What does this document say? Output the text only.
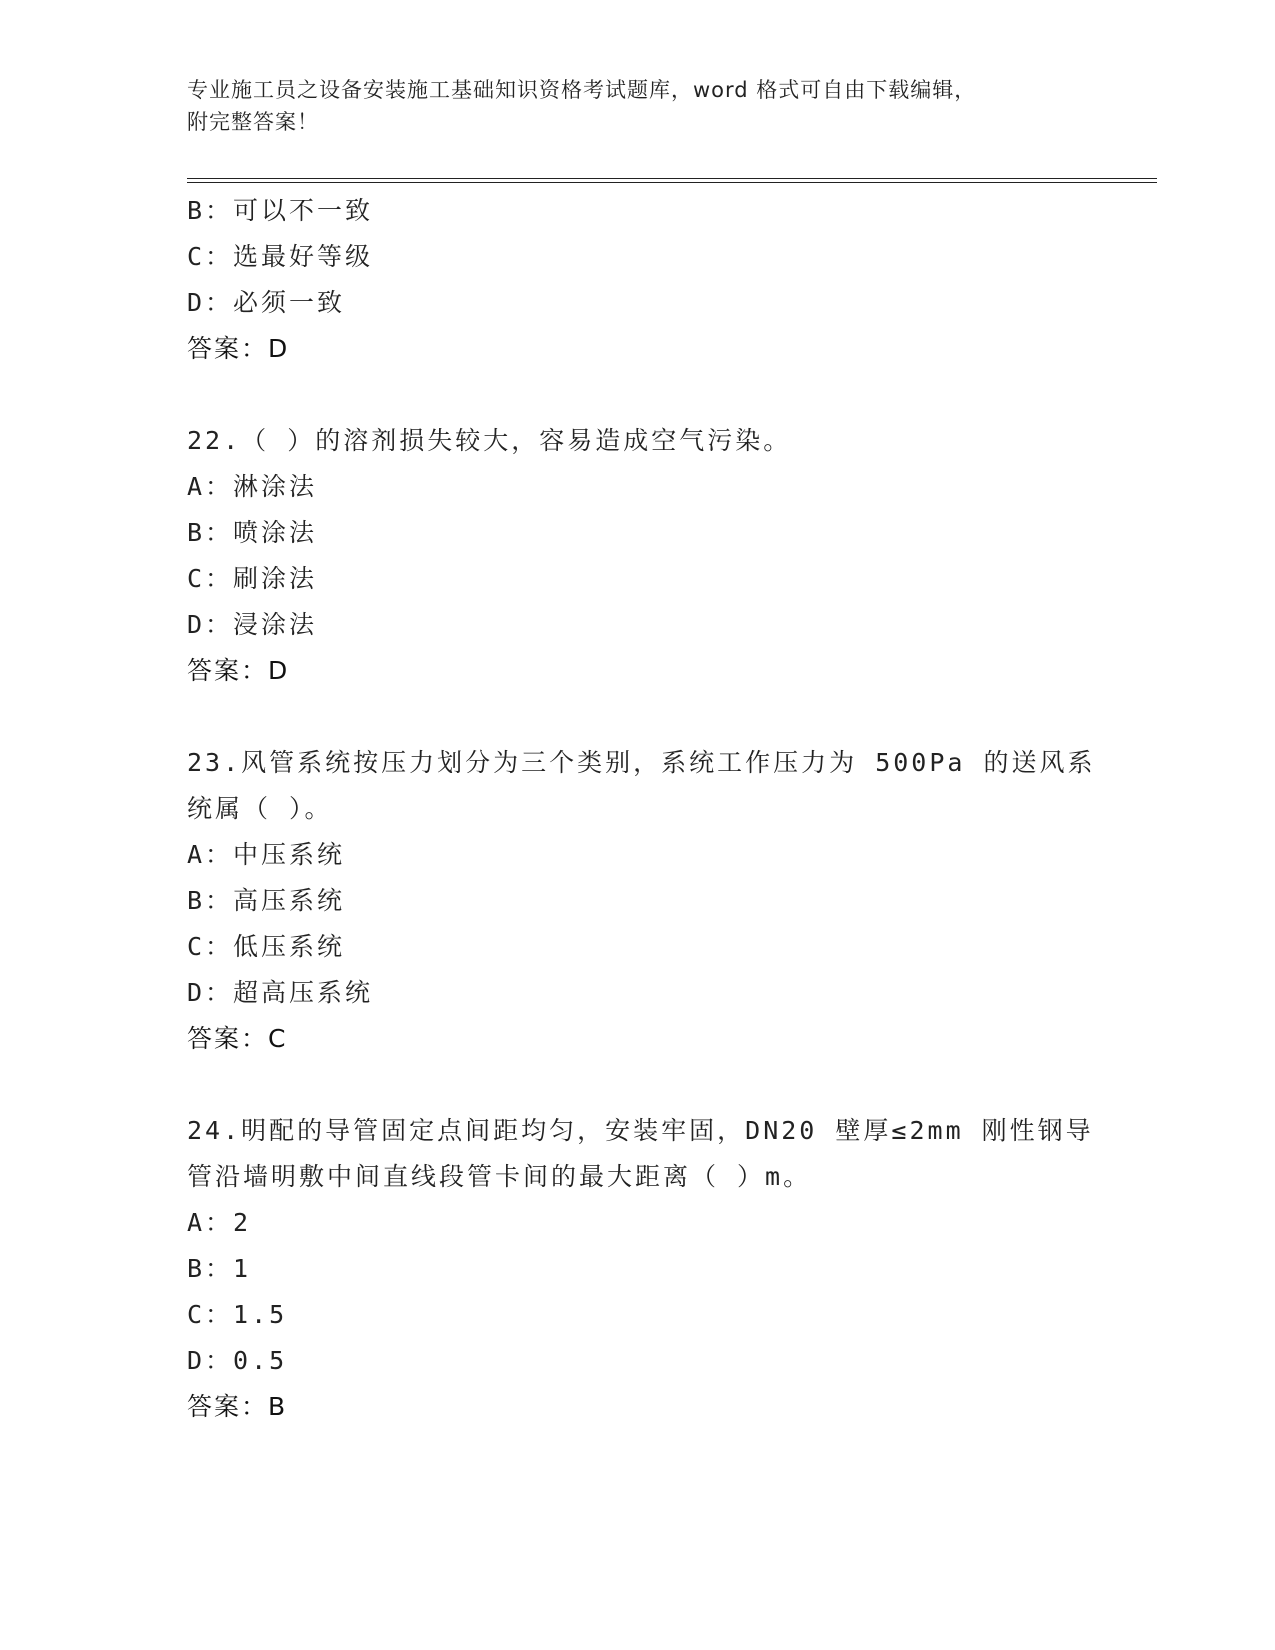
专业施工员之设备安装施工基础知识资格考试题库，word 格式可自由下载编辑，
附完整答案！
B：可以不一致
C：选最好等级
D：必须一致
答案：D
22.（ ）的溶剂损失较大，容易造成空气污染。
A：淋涂法
B：喷涂法
C：刷涂法
D：浸涂法
答案：D
23.风管系统按压力划分为三个类别，系统工作压力为 500Pa 的送风系
统属（ ）。
A：中压系统
B：高压系统
C：低压系统
D：超高压系统
答案：C
24.明配的导管固定点间距均匀，安装牢固，DN20 壁厚≤2mm 刚性钢导
管沿墙明敷中间直线段管卡间的最大距离（ ）m。
A：2
B：1
C：1.5
D：0.5
答案：B
